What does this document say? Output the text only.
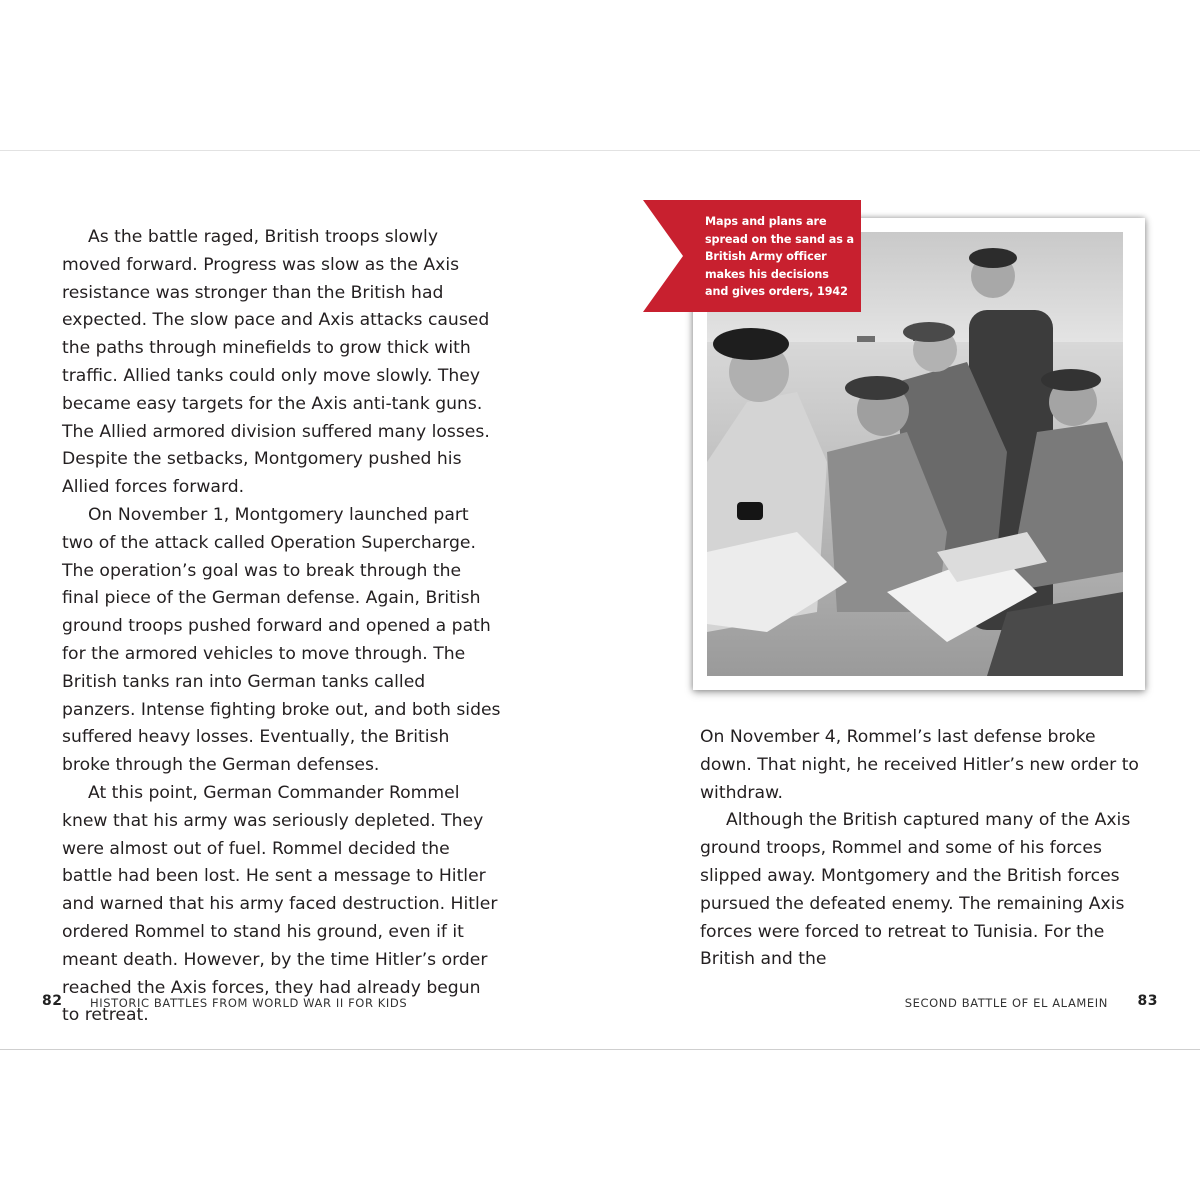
As the battle raged, British troops slowly moved forward. Progress was slow as the Axis resistance was stronger than the British had expected. The slow pace and Axis attacks caused the paths through minefields to grow thick with traffic. Allied tanks could only move slowly. They became easy targets for the Axis anti-tank guns. The Allied armored division suffered many losses. Despite the setbacks, Montgomery pushed his Allied forces forward.

On November 1, Montgomery launched part two of the attack called Operation Supercharge. The operation’s goal was to break through the final piece of the German defense. Again, British ground troops pushed forward and opened a path for the armored vehicles to move through. The British tanks ran into German tanks called panzers. Intense fighting broke out, and both sides suffered heavy losses. Eventually, the British broke through the German defenses.

At this point, German Commander Rommel knew that his army was seriously depleted. They were almost out of fuel. Rommel decided the battle had been lost. He sent a message to Hitler and warned that his army faced destruction. Hitler ordered Rommel to stand his ground, even if it meant death. However, by the time Hitler’s order reached the Axis forces, they had already begun to retreat.

Maps and plans are spread on the sand as a British Army officer makes his decisions and gives orders, 1942

On November 4, Rommel’s last defense broke down. That night, he received Hitler’s new order to withdraw.

Although the British captured many of the Axis ground troops, Rommel and some of his forces slipped away. Montgomery and the British forces pursued the defeated enemy. The remaining Axis forces were forced to retreat to Tunisia. For the British and the

82 HISTORIC BATTLES FROM WORLD WAR II FOR KIDS	SECOND BATTLE OF EL ALAMEIN 83
